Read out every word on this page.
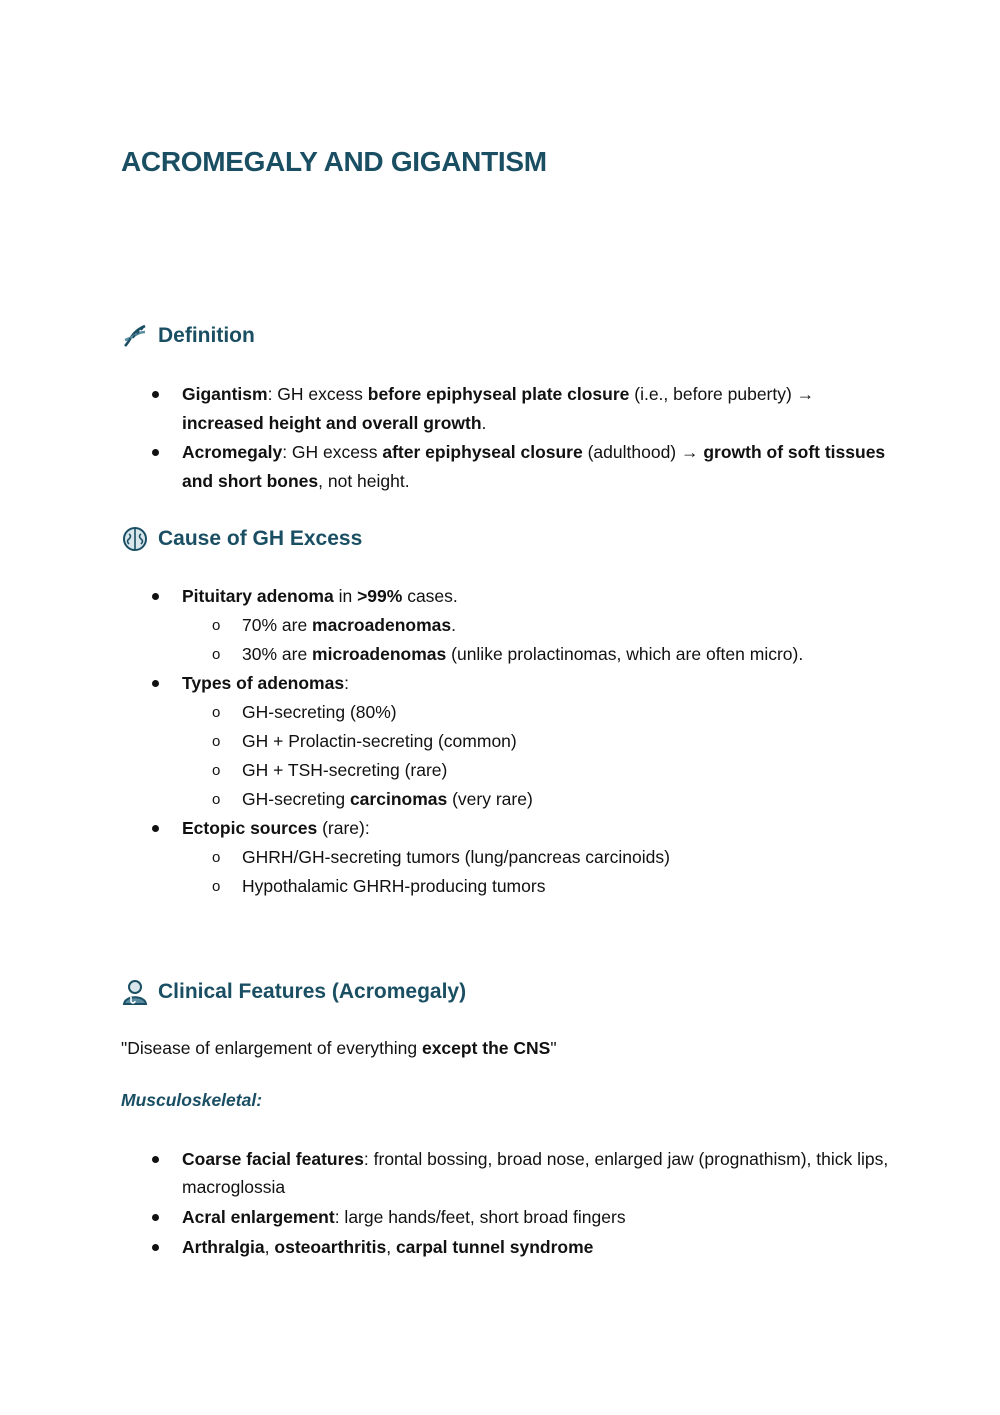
ACROMEGALY AND GIGANTISM
Definition
Gigantism: GH excess before epiphyseal plate closure (i.e., before puberty) → increased height and overall growth.
Acromegaly: GH excess after epiphyseal closure (adulthood) → growth of soft tissues and short bones, not height.
Cause of GH Excess
Pituitary adenoma in >99% cases.
o 70% are macroadenomas.
o 30% are microadenomas (unlike prolactinomas, which are often micro).
Types of adenomas:
o GH-secreting (80%)
o GH + Prolactin-secreting (common)
o GH + TSH-secreting (rare)
o GH-secreting carcinomas (very rare)
Ectopic sources (rare):
o GHRH/GH-secreting tumors (lung/pancreas carcinoids)
o Hypothalamic GHRH-producing tumors
Clinical Features (Acromegaly)

"Disease of enlargement of everything except the CNS"

Musculoskeletal:

Coarse facial features: frontal bossing, broad nose, enlarged jaw (prognathism), thick lips, macroglossia
Acral enlargement: large hands/feet, short broad fingers
Arthralgia, osteoarthritis, carpal tunnel syndrome
